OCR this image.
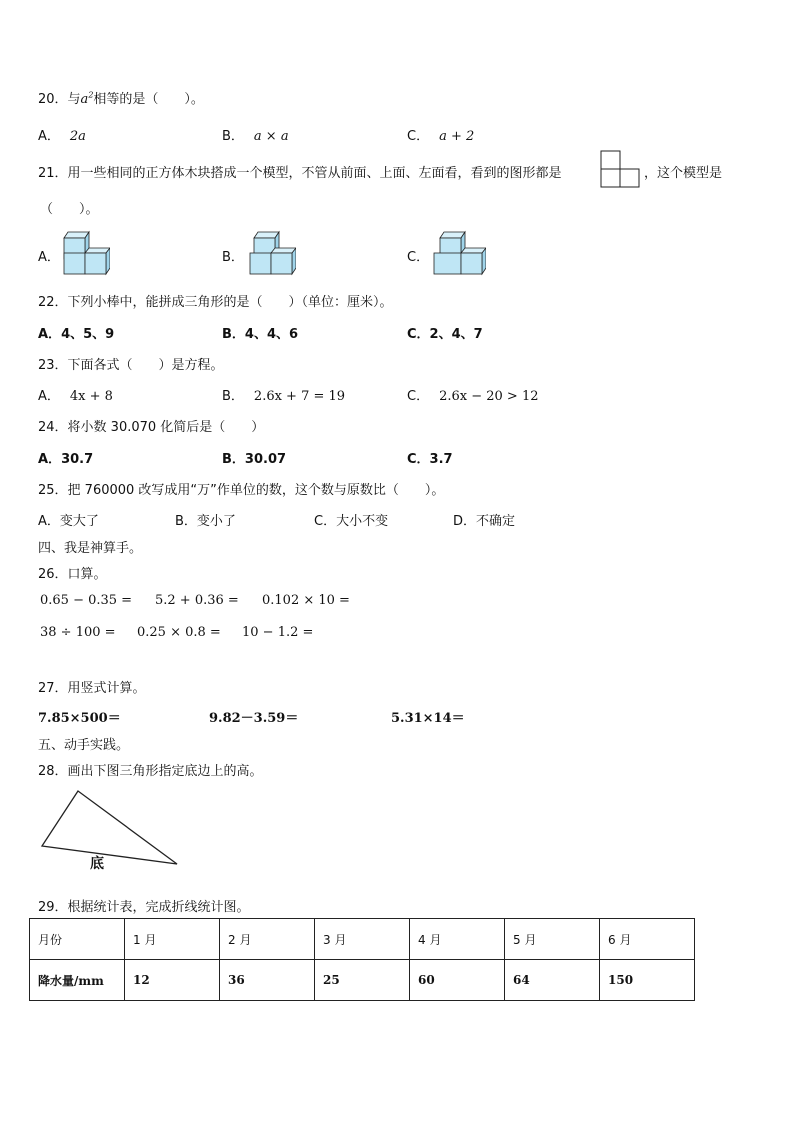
20．与$a^2$相等的是（　　）。
A． 2a	B． a × a	C． a + 2
21．用一些相同的正方体木块搭成一个模型，不管从前面、上面、左面看，看到的图形都是	，这个模型是
（　　）。
A．	B．	C．
22．下列小棒中，能拼成三角形的是（　　）（单位：厘米）。
A．4、5、9	B．4、4、6	C．2、4、7
23．下面各式（　　）是方程。
A． 4x + 8	B． 2.6x + 7 = 19	C． 2.6x − 20 > 12
24．将小数 30.070 化简后是（　　）
A．30.7	B．30.07	C．3.7
25．把 760000 改写成用“万”作单位的数，这个数与原数比（　　）。
A．变大了	B．变小了	C．大小不变	D．不确定
四、我是神算手。
26．口算。
0.65 − 0.35 = 5.2 + 0.36 = 0.102 × 10 =
38 ÷ 100 = 0.25 × 0.8 = 10 − 1.2 =
27．用竖式计算。
7.85×500＝	9.82－3.59＝	5.31×14＝
五、动手实践。
28．画出下图三角形指定底边上的高。
底
29．根据统计表，完成折线统计图。
月份	1 月	2 月	3 月	4 月	5 月	6 月
降水量/mm	12	36	25	60	64	150
